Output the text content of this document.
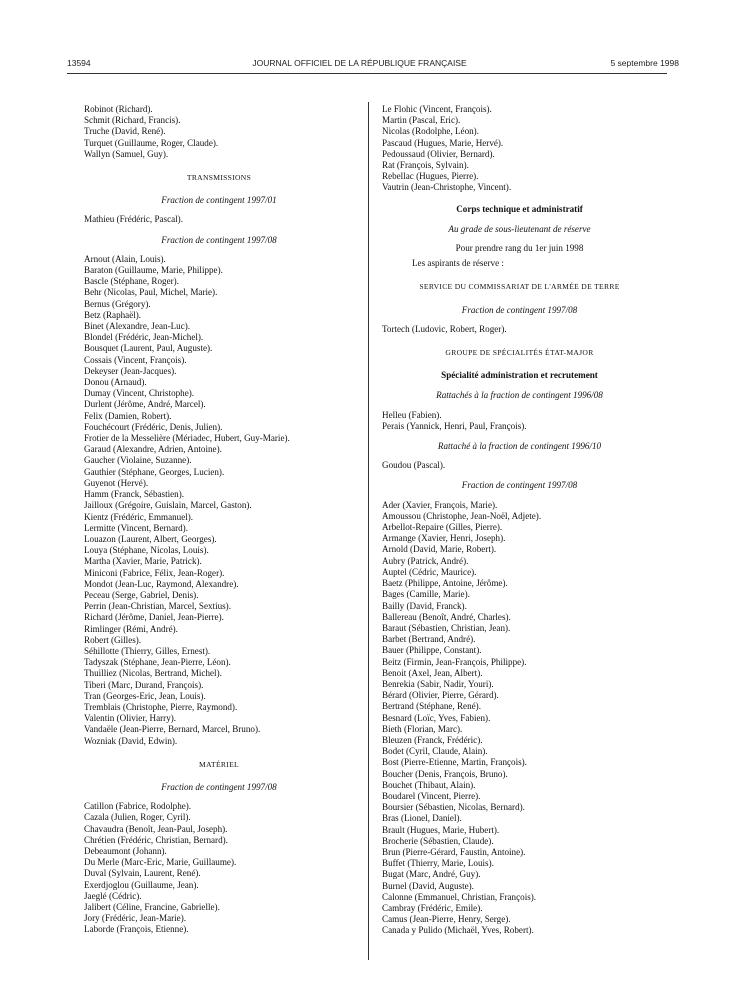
13594	JOURNAL OFFICIEL DE LA RÉPUBLIQUE FRANÇAISE	5 septembre 1998
Robinot (Richard).
Schmit (Richard, Francis).
Truche (David, René).
Turquet (Guillaume, Roger, Claude).
Wallyn (Samuel, Guy).
TRANSMISSIONS
Fraction de contingent 1997/01
Mathieu (Frédéric, Pascal).
Fraction de contingent 1997/08
Arnout (Alain, Louis).
Baraton (Guillaume, Marie, Philippe).
Bascle (Stéphane, Roger).
Behr (Nicolas, Paul, Michel, Marie).
Bernus (Grégory).
Betz (Raphaël).
Binet (Alexandre, Jean-Luc).
Blondel (Frédéric, Jean-Michel).
Bousquet (Laurent, Paul, Auguste).
Cossais (Vincent, François).
Dekeyser (Jean-Jacques).
Donou (Arnaud).
Dumay (Vincent, Christophe).
Durlent (Jérôme, André, Marcel).
Felix (Damien, Robert).
Fouchécourt (Frédéric, Denis, Julien).
Frotier de la Messelière (Mériadec, Hubert, Guy-Marie).
Garaud (Alexandre, Adrien, Antoine).
Gaucher (Violaine, Suzanne).
Gauthier (Stéphane, Georges, Lucien).
Guyenot (Hervé).
Hamm (Franck, Sébastien).
Jailloux (Grégoire, Guislain, Marcel, Gaston).
Kientz (Frédéric, Emmanuel).
Lermitte (Vincent, Bernard).
Louazon (Laurent, Albert, Georges).
Louya (Stéphane, Nicolas, Louis).
Martha (Xavier, Marie, Patrick).
Miniconi (Fabrice, Félix, Jean-Roger).
Mondot (Jean-Luc, Raymond, Alexandre).
Peceau (Serge, Gabriel, Denis).
Perrin (Jean-Christian, Marcel, Sextius).
Richard (Jérôme, Daniel, Jean-Pierre).
Rimlinger (Rémi, André).
Robert (Gilles).
Séhillotte (Thierry, Gilles, Ernest).
Tadyszak (Stéphane, Jean-Pierre, Léon).
Thuilliez (Nicolas, Bertrand, Michel).
Tiberi (Marc, Durand, François).
Tran (Georges-Eric, Jean, Louis).
Tremblais (Christophe, Pierre, Raymond).
Valentin (Olivier, Harry).
Vandaële (Jean-Pierre, Bernard, Marcel, Bruno).
Wozniak (David, Edwin).
MATÉRIEL
Fraction de contingent 1997/08
Catillon (Fabrice, Rodolphe).
Cazala (Julien, Roger, Cyril).
Chavaudra (Benoît, Jean-Paul, Joseph).
Chrétien (Frédéric, Christian, Bernard).
Debeaumont (Johann).
Du Merle (Marc-Eric, Marie, Guillaume).
Duval (Sylvain, Laurent, René).
Exerdjoglou (Guillaume, Jean).
Jaeglé (Cédric).
Jalibert (Céline, Francine, Gabrielle).
Jory (Frédéric, Jean-Marie).
Laborde (François, Etienne).
Le Flohic (Vincent, François).
Martin (Pascal, Eric).
Nicolas (Rodolphe, Léon).
Pascaud (Hugues, Marie, Hervé).
Pedoussaud (Olivier, Bernard).
Rat (François, Sylvain).
Rebellac (Hugues, Pierre).
Vautrin (Jean-Christophe, Vincent).
Corps technique et administratif
Au grade de sous-lieutenant de réserve
Pour prendre rang du 1er juin 1998
Les aspirants de réserve :
SERVICE DU COMMISSARIAT DE L'ARMÉE DE TERRE
Fraction de contingent 1997/08
Tortech (Ludovic, Robert, Roger).
GROUPE DE SPÉCIALITÉS ÉTAT-MAJOR
Spécialité administration et recrutement
Rattachés à la fraction de contingent 1996/08
Helleu (Fabien).
Perais (Yannick, Henri, Paul, François).
Rattaché à la fraction de contingent 1996/10
Goudou (Pascal).
Fraction de contingent 1997/08
Ader (Xavier, François, Marie).
Amoussou (Christophe, Jean-Noël, Adjete).
Arbellot-Repaire (Gilles, Pierre).
Armange (Xavier, Henri, Joseph).
Arnold (David, Marie, Robert).
Aubry (Patrick, André).
Auptel (Cédric, Maurice).
Baetz (Philippe, Antoine, Jérôme).
Bages (Camille, Marie).
Bailly (David, Franck).
Ballereau (Benoît, André, Charles).
Baraut (Sébastien, Christian, Jean).
Barbet (Bertrand, André).
Bauer (Philippe, Constant).
Beitz (Firmin, Jean-François, Philippe).
Benoit (Axel, Jean, Albert).
Benrekia (Sabir, Nadir, Youri).
Bérard (Olivier, Pierre, Gérard).
Bertrand (Stéphane, René).
Besnard (Loïc, Yves, Fabien).
Bieth (Florian, Marc).
Bleuzen (Franck, Frédéric).
Bodet (Cyril, Claude, Alain).
Bost (Pierre-Etienne, Martin, François).
Boucher (Denis, François, Bruno).
Bouchet (Thibaut, Alain).
Boudarel (Vincent, Pierre).
Boursier (Sébastien, Nicolas, Bernard).
Bras (Lionel, Daniel).
Brault (Hugues, Marie, Hubert).
Brocherie (Sébastien, Claude).
Brun (Pierre-Gérard, Faustin, Antoine).
Buffet (Thierry, Marie, Louis).
Bugat (Marc, André, Guy).
Burnel (David, Auguste).
Calonne (Emmanuel, Christian, François).
Cambray (Frédéric, Emile).
Camus (Jean-Pierre, Henry, Serge).
Canada y Pulido (Michaël, Yves, Robert).
